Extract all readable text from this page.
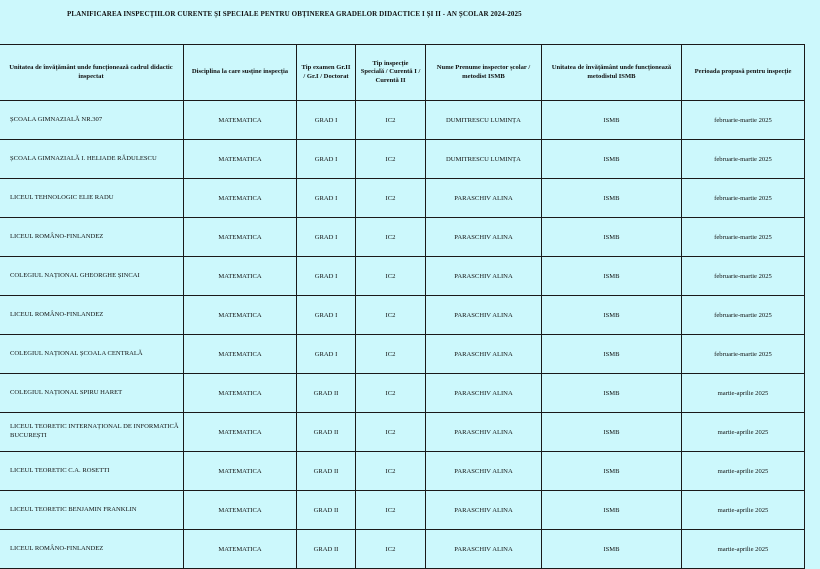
PLANIFICAREA INSPECȚIILOR CURENTE ȘI SPECIALE PENTRU OBȚINEREA GRADELOR DIDACTICE I ȘI II - AN ȘCOLAR 2024-2025
Unitatea de învățământ unde funcționează cadrul didactic inspectat	Disciplina la care susține inspecția	Tip examen Gr.II / Gr.I / Doctorat	Tip inspecție Specială / Curentă I / Curentă II	Nume Prenume inspector școlar / metodist ISMB	Unitatea de învățământ unde funcționează metodistul ISMB	Perioada propusă pentru inspecție
ȘCOALA GIMNAZIALĂ NR.307	MATEMATICA	GRAD I	IC2	DUMITRESCU LUMINȚA	ISMB	februarie-martie 2025
ȘCOALA GIMNAZIALĂ I. HELIADE RĂDULESCU	MATEMATICA	GRAD I	IC2	DUMITRESCU LUMINȚA	ISMB	februarie-martie 2025
LICEUL TEHNOLOGIC ELIE RADU	MATEMATICA	GRAD I	IC2	PARASCHIV ALINA	ISMB	februarie-martie 2025
LICEUL ROMÂNO-FINLANDEZ	MATEMATICA	GRAD I	IC2	PARASCHIV ALINA	ISMB	februarie-martie 2025
COLEGIUL NAȚIONAL GHEORGHE ȘINCAI	MATEMATICA	GRAD I	IC2	PARASCHIV ALINA	ISMB	februarie-martie 2025
LICEUL ROMÂNO-FINLANDEZ	MATEMATICA	GRAD I	IC2	PARASCHIV ALINA	ISMB	februarie-martie 2025
COLEGIUL NAȚIONAL ȘCOALA CENTRALĂ	MATEMATICA	GRAD I	IC2	PARASCHIV ALINA	ISMB	februarie-martie 2025
COLEGIUL NAȚIONAL SPIRU HARET	MATEMATICA	GRAD II	IC2	PARASCHIV ALINA	ISMB	martie-aprilie 2025
LICEUL TEORETIC INTERNAȚIONAL DE INFORMATICĂ BUCUREȘTI	MATEMATICA	GRAD II	IC2	PARASCHIV ALINA	ISMB	martie-aprilie 2025
LICEUL TEORETIC C.A. ROSETTI	MATEMATICA	GRAD II	IC2	PARASCHIV ALINA	ISMB	martie-aprilie 2025
LICEUL TEORETIC BENJAMIN FRANKLIN	MATEMATICA	GRAD II	IC2	PARASCHIV ALINA	ISMB	martie-aprilie 2025
LICEUL ROMÂNO-FINLANDEZ	MATEMATICA	GRAD II	IC2	PARASCHIV ALINA	ISMB	martie-aprilie 2025
